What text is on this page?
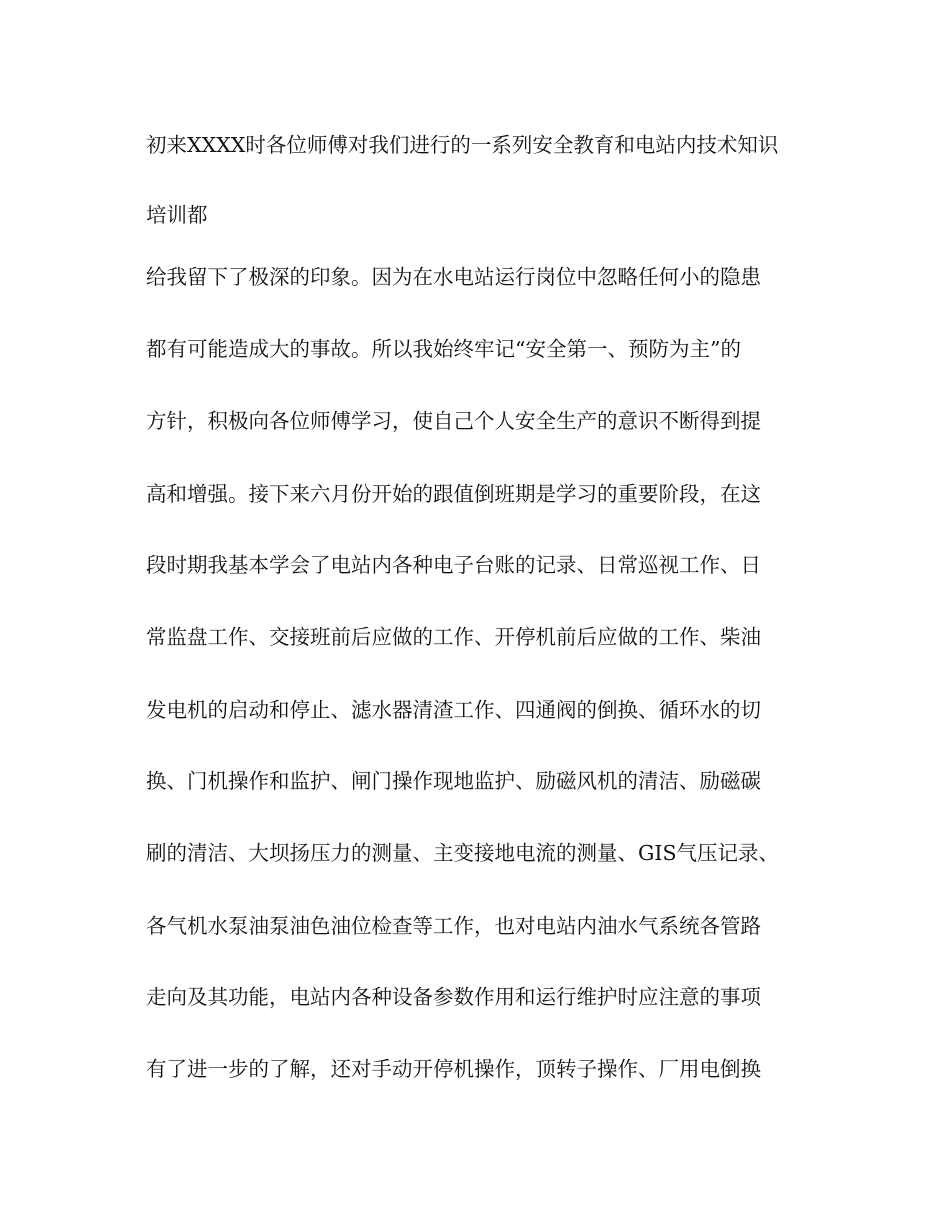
初来XXXX时各位师傅对我们进行的一系列安全教育和电站内技术知识

培训都

给我留下了极深的印象。因为在水电站运行岗位中忽略任何小的隐患

都有可能造成大的事故。所以我始终牢记“安全第一、预防为主”的

方针，积极向各位师傅学习，使自己个人安全生产的意识不断得到提

高和增强。接下来六月份开始的跟值倒班期是学习的重要阶段，在这

段时期我基本学会了电站内各种电子台账的记录、日常巡视工作、日

常监盘工作、交接班前后应做的工作、开停机前后应做的工作、柴油

发电机的启动和停止、滤水器清渣工作、四通阀的倒换、循环水的切

换、门机操作和监护、闸门操作现地监护、励磁风机的清洁、励磁碳

刷的清洁、大坝扬压力的测量、主变接地电流的测量、GIS气压记录、

各气机水泵油泵油色油位检查等工作，也对电站内油水气系统各管路

走向及其功能，电站内各种设备参数作用和运行维护时应注意的事项

有了进一步的了解，还对手动开停机操作，顶转子操作、厂用电倒换
